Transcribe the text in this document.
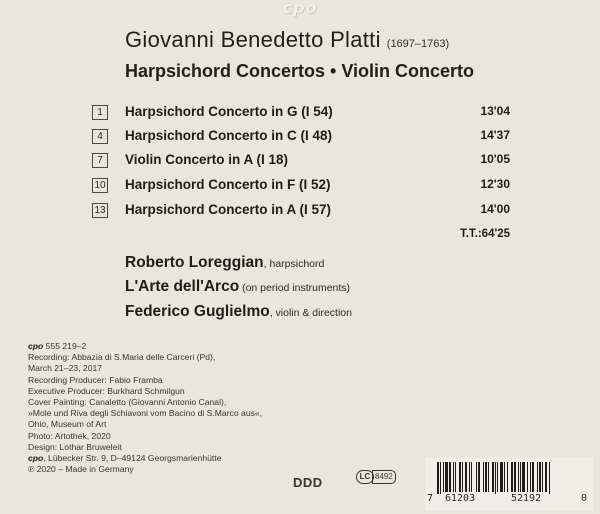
cpo
Giovanni Benedetto Platti (1697–1763)
Harpsichord Concertos • Violin Concerto
1	Harpsichord Concerto in G (I 54)	13'04
4	Harpsichord Concerto in C (I 48)	14'37
7	Violin Concerto in A (I 18)	10'05
10 Harpsichord Concerto in F (I 52)	12'30
13 Harpsichord Concerto in A (I 57)	14'00
T.T.:64'25
Roberto Loreggian, harpsichord
L'Arte dell'Arco (on period instruments)
Federico Guglielmo, violin & direction
cpo 555 219–2
Recording: Abbazia di S.Maria delle Carceri (Pd),
March 21–23, 2017
Recording Producer: Fabio Framba
Executive Producer: Burkhard Schmilgun
Cover Painting: Canaletto (Giovanni Antonio Canal),
»Mole und Riva degli Schiavoni vom Bacino di S.Marco aus«,
Ohio, Museum of Art
Photo: Artothek, 2020
Design: Lothar Bruweleit
cpo, Lübecker Str. 9, D–49124 Georgsmarienhütte
℗ 2020 – Made in Germany
DDD	LC 8492
7 61203	52192	0
